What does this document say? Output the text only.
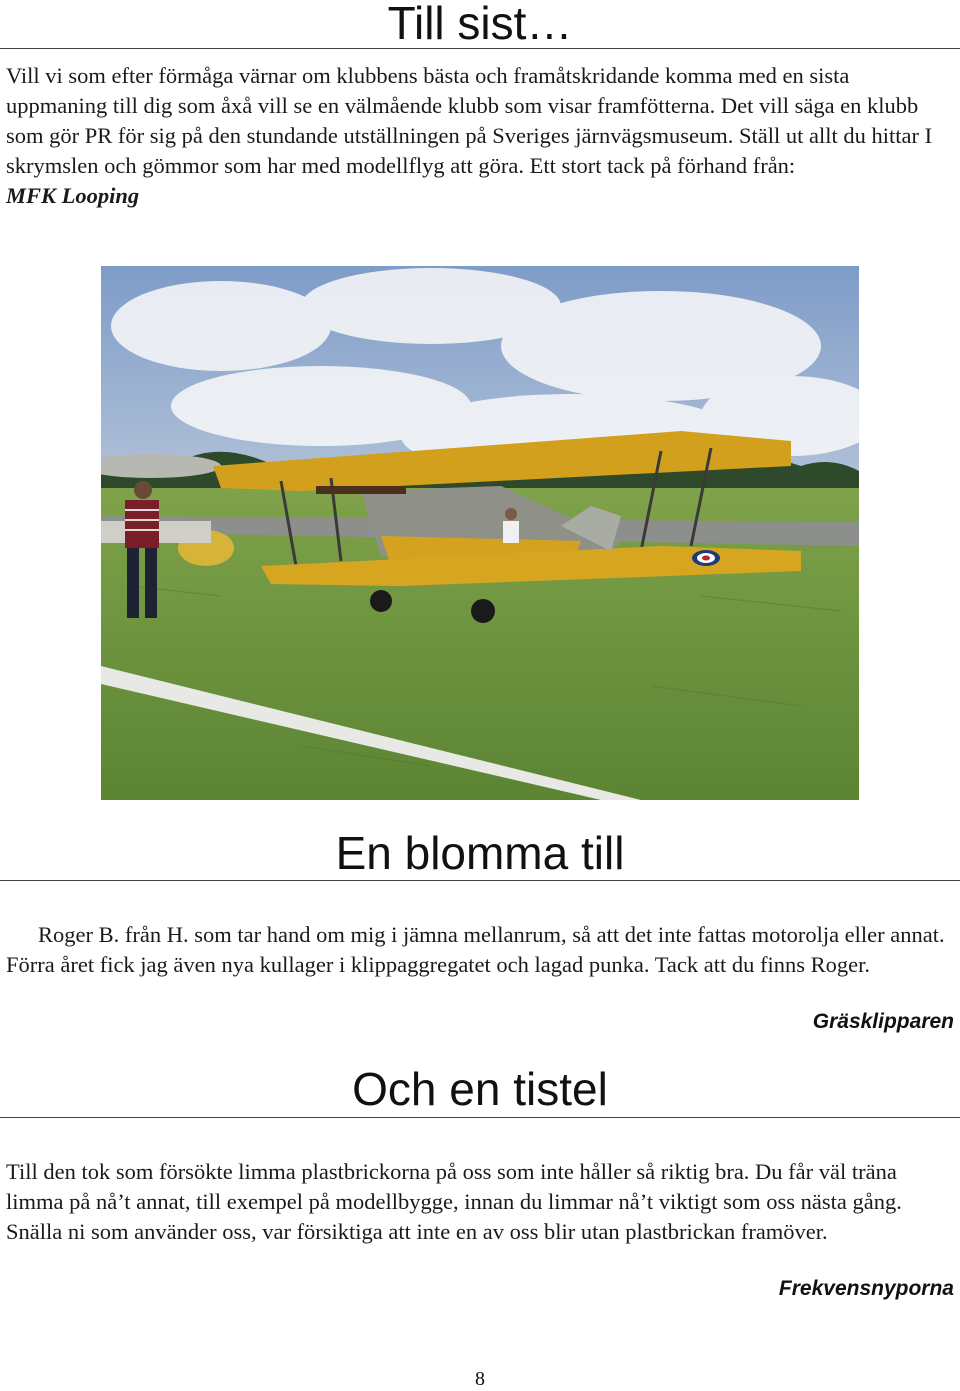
Till sist…

Vill vi som efter förmåga värnar om klubbens bästa och framåtskridande komma med en sista uppmaning till dig som åxå vill se en välmående klubb som visar framfötterna. Det vill säga en klubb som gör PR för sig på den stundande utställningen på Sveriges järnvägsmuseum. Ställ ut allt du hittar I skrymslen och gömmor som har med modellflyg att göra. Ett stort tack på förhand från:
MFK Looping

En blomma till

Roger B. från H. som tar hand om mig i jämna mellanrum, så att det inte fattas motorolja eller annat. Förra året fick jag även nya kullager i klippaggregatet och lagad punka. Tack att du finns Roger.

Gräsklipparen
Och en tistel

Till den tok som försökte limma plastbrickorna på oss som inte håller så riktig bra. Du får väl träna limma på nå’t annat, till exempel på modellbygge, innan du limmar nå’t viktigt som oss nästa gång. Snälla ni som använder oss, var försiktiga att inte en av oss blir utan plastbrickan framöver.

Frekvensnyporna
8
